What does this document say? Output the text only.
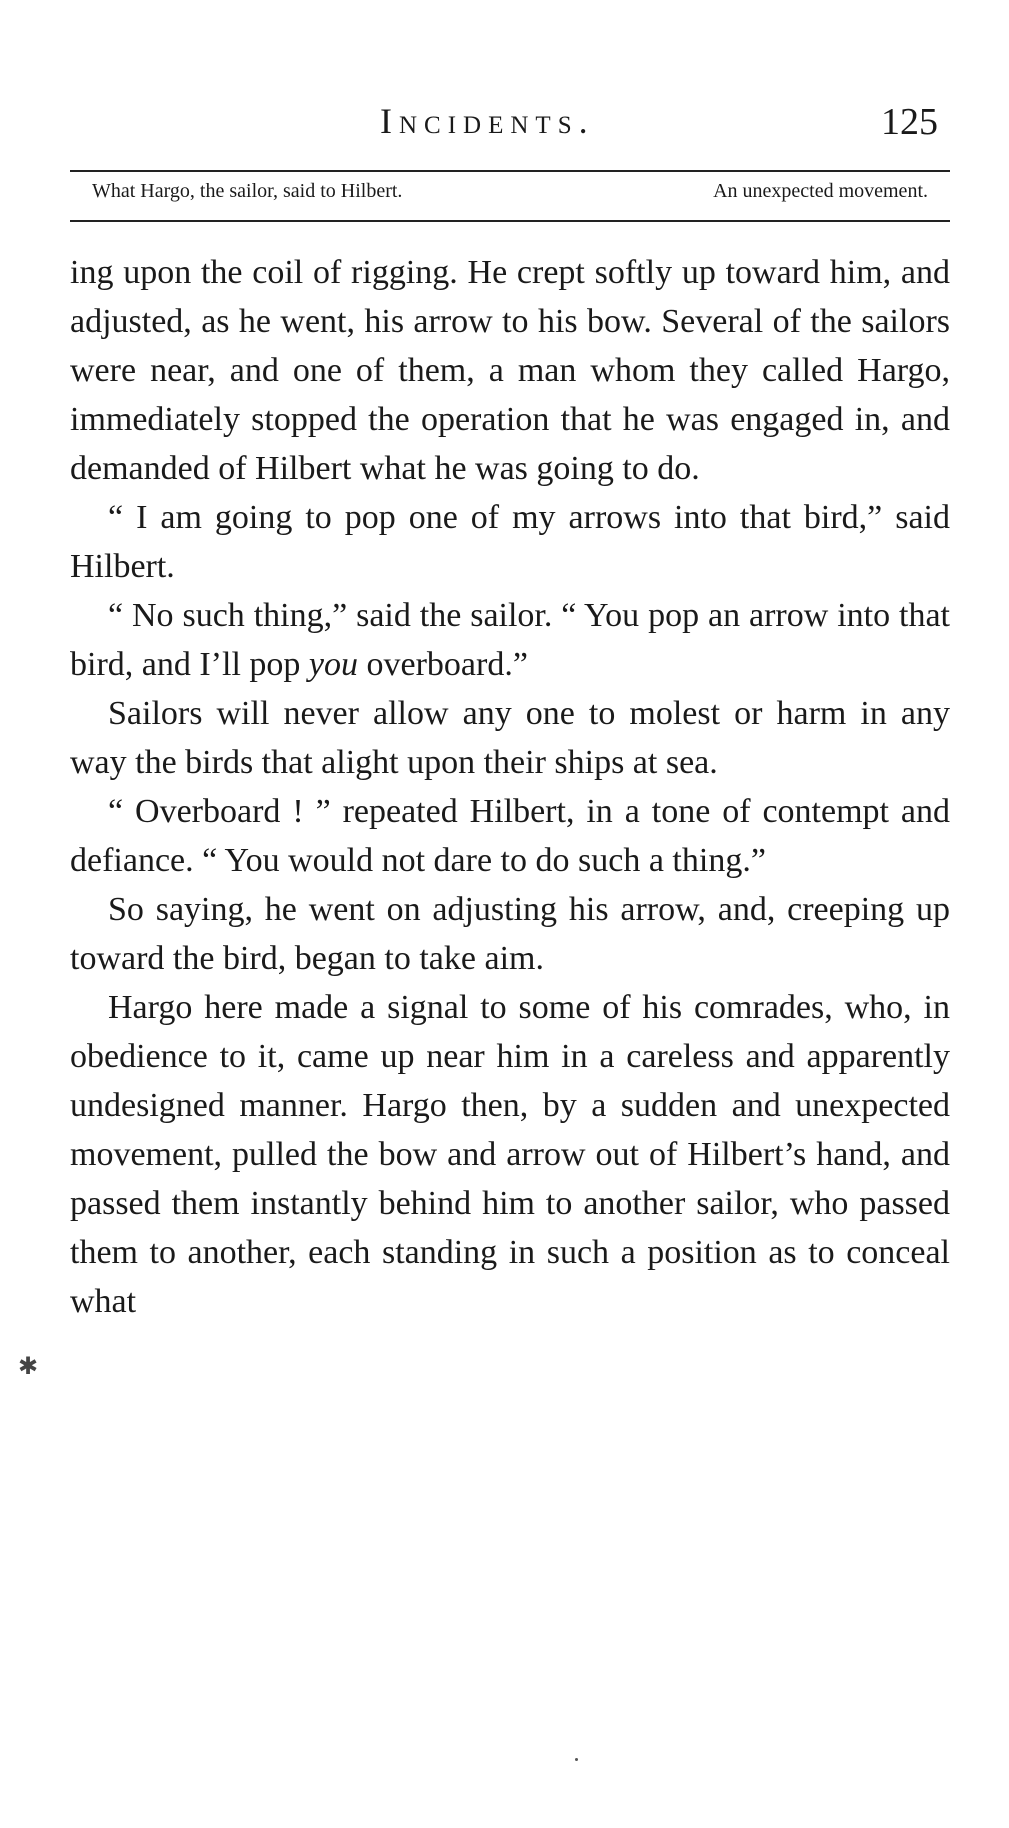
Incidents.	125
What Hargo, the sailor, said to Hilbert.	An unexpected movement.

ing upon the coil of rigging. He crept softly up toward him, and adjusted, as he went, his arrow to his bow. Several of the sailors were near, and one of them, a man whom they called Hargo, immediately stopped the operation that he was engaged in, and demanded of Hilbert what he was going to do.

“ I am going to pop one of my arrows into that bird,” said Hilbert.

“ No such thing,” said the sailor. “ You pop an arrow into that bird, and I’ll pop you overboard.”

Sailors will never allow any one to molest or harm in any way the birds that alight upon their ships at sea.

“ Overboard ! ” repeated Hilbert, in a tone of contempt and defiance. “ You would not dare to do such a thing.”

So saying, he went on adjusting his arrow, and, creeping up toward the bird, began to take aim.

Hargo here made a signal to some of his comrades, who, in obedience to it, came up near him in a careless and apparently undesigned manner. Hargo then, by a sudden and unexpected movement, pulled the bow and arrow out of Hilbert’s hand, and passed them instantly behind him to another sailor, who passed them to another, each standing in such a position as to conceal what

✱
